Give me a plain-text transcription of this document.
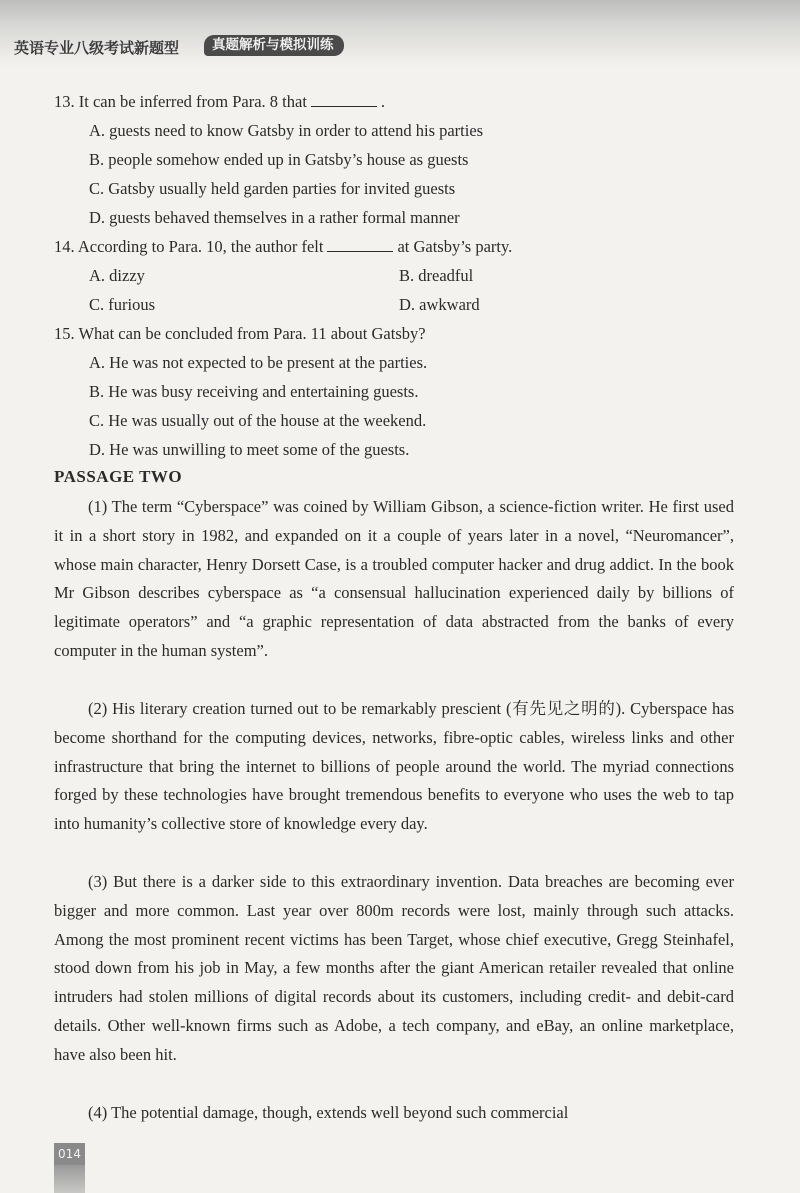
英语专业八级考试新题型	真题解析与模拟训练
13. It can be inferred from Para. 8 that	.
A. guests need to know Gatsby in order to attend his parties
B. people somehow ended up in Gatsby’s house as guests
C. Gatsby usually held garden parties for invited guests
D. guests behaved themselves in a rather formal manner
14. According to Para. 10, the author felt	at Gatsby’s party.
A. dizzy	B. dreadful
C. furious	D. awkward
15. What can be concluded from Para. 11 about Gatsby?
A. He was not expected to be present at the parties.
B. He was busy receiving and entertaining guests.
C. He was usually out of the house at the weekend.
D. He was unwilling to meet some of the guests.
PASSAGE TWO
(1) The term “Cyberspace” was coined by William Gibson, a science-fiction writer. He first used it in a short story in 1982, and expanded on it a couple of years later in a novel, “Neuromancer”, whose main character, Henry Dorsett Case, is a troubled computer hacker and drug addict. In the book Mr Gibson describes cyberspace as “a consensual hallucination experienced daily by billions of legitimate operators” and “a graphic representation of data abstracted from the banks of every computer in the human system”.
(2) His literary creation turned out to be remarkably prescient (有先见之明的). Cyberspace has become shorthand for the computing devices, networks, fibre-optic cables, wireless links and other infrastructure that bring the internet to billions of people around the world. The myriad connections forged by these technologies have brought tremendous benefits to everyone who uses the web to tap into humanity’s collective store of knowledge every day.
(3) But there is a darker side to this extraordinary invention. Data breaches are becoming ever bigger and more common. Last year over 800m records were lost, mainly through such attacks. Among the most prominent recent victims has been Target, whose chief executive, Gregg Steinhafel, stood down from his job in May, a few months after the giant American retailer revealed that online intruders had stolen millions of digital records about its customers, including credit- and debit-card details. Other well-known firms such as Adobe, a tech company, and eBay, an online marketplace, have also been hit.
(4) The potential damage, though, extends well beyond such commercial
014
